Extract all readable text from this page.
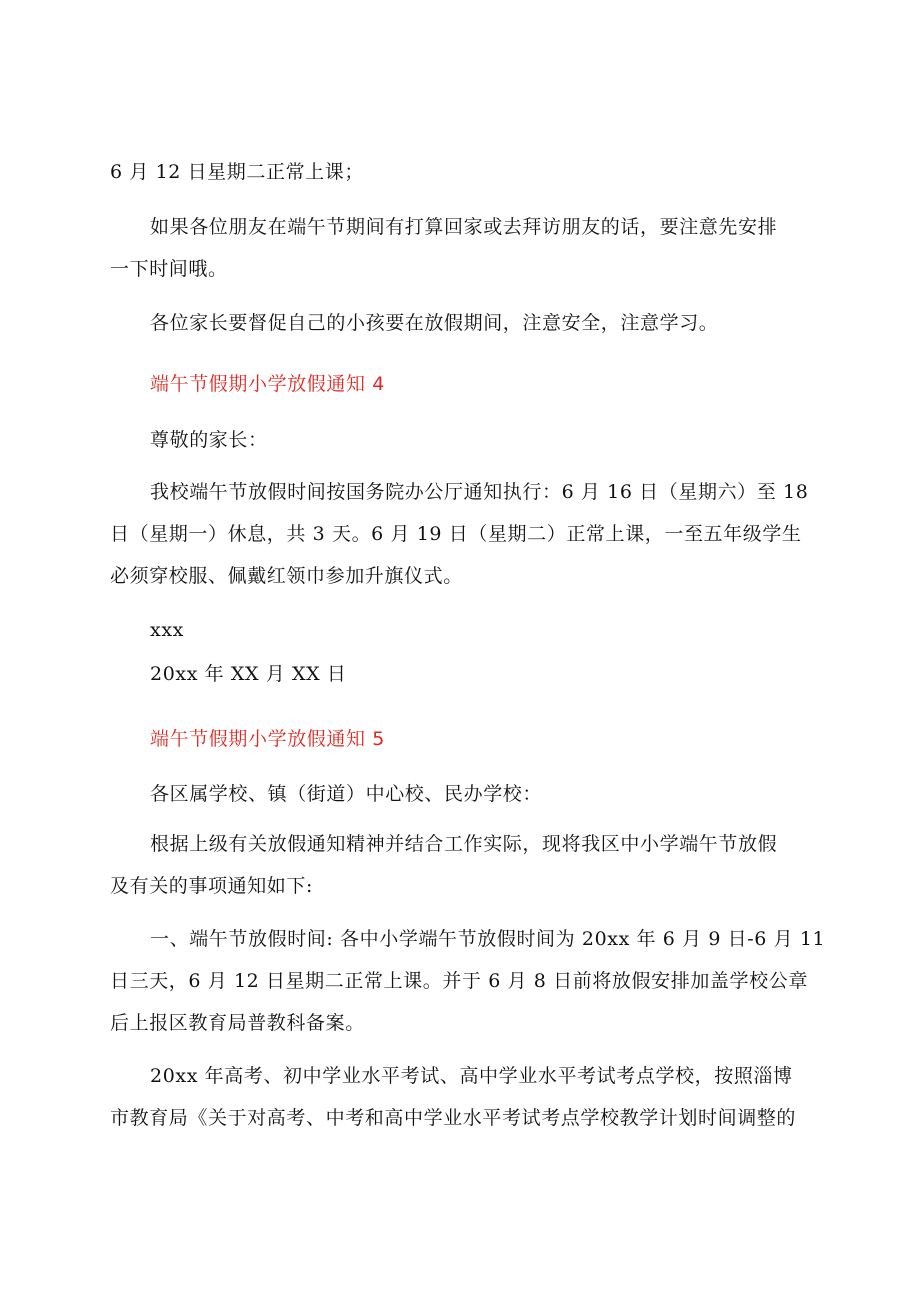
6 月 12 日星期二正常上课；
如果各位朋友在端午节期间有打算回家或去拜访朋友的话，要注意先安排
一下时间哦。
各位家长要督促自己的小孩要在放假期间，注意安全，注意学习。
端午节假期小学放假通知 4
尊敬的家长：
我校端午节放假时间按国务院办公厅通知执行：6 月 16 日（星期六）至 18
日（星期一）休息，共 3 天。6 月 19 日（星期二）正常上课，一至五年级学生
必须穿校服、佩戴红领巾参加升旗仪式。
xxx
20xx 年 XX 月 XX 日
端午节假期小学放假通知 5
各区属学校、镇（街道）中心校、民办学校：
根据上级有关放假通知精神并结合工作实际，现将我区中小学端午节放假
及有关的事项通知如下:
一、端午节放假时间: 各中小学端午节放假时间为 20xx 年 6 月 9 日-6 月 11
日三天，6 月 12 日星期二正常上课。并于 6 月 8 日前将放假安排加盖学校公章
后上报区教育局普教科备案。
20xx 年高考、初中学业水平考试、高中学业水平考试考点学校，按照淄博
市教育局《关于对高考、中考和高中学业水平考试考点学校教学计划时间调整的
